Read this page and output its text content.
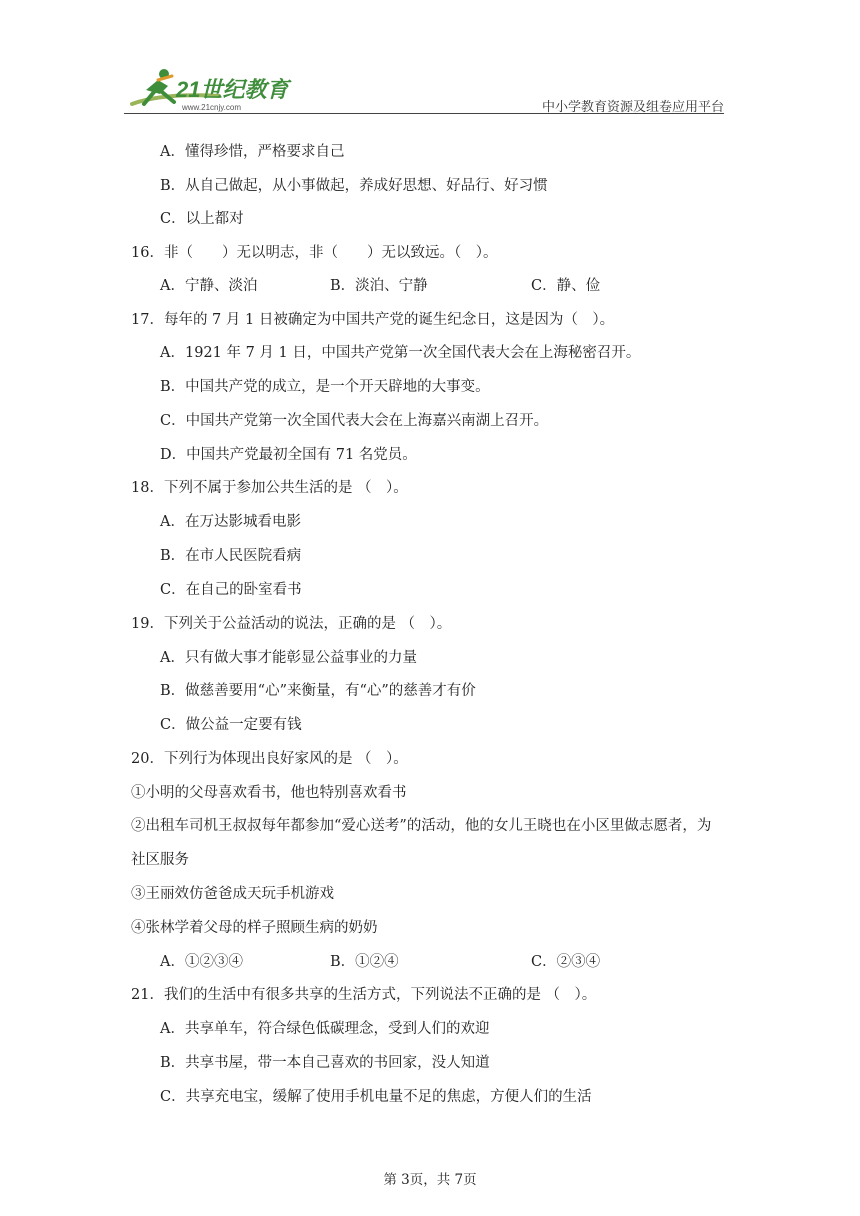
21世纪教育
www.21cnjy.com	中小学教育资源及组卷应用平台
A．懂得珍惜，严格要求自己
B．从自己做起，从小事做起，养成好思想、好品行、好习惯
C．以上都对
16．非（　　）无以明志，非（　　）无以致远。（　）。
17．每年的 7 月 1 日被确定为中国共产党的诞生纪念日，这是因为（　）。
A．1921 年 7 月 1 日，中国共产党第一次全国代表大会在上海秘密召开。
B．中国共产党的成立，是一个开天辟地的大事变。
C．中国共产党第一次全国代表大会在上海嘉兴南湖上召开。
D．中国共产党最初全国有 71 名党员。
18．下列不属于参加公共生活的是 （　）。
A．在万达影城看电影
B．在市人民医院看病
C．在自己的卧室看书
19．下列关于公益活动的说法，正确的是 （　）。
A．只有做大事才能彰显公益事业的力量
B．做慈善要用“心”来衡量，有“心”的慈善才有价
C．做公益一定要有钱
20．下列行为体现出良好家风的是 （　）。
①小明的父母喜欢看书，他也特别喜欢看书
②出租车司机王叔叔每年都参加“爱心送考”的活动，他的女儿王晓也在小区里做志愿者，为
社区服务
③王丽效仿爸爸成天玩手机游戏
④张林学着父母的样子照顾生病的奶奶
21．我们的生活中有很多共享的生活方式，下列说法不正确的是 （　）。
A．共享单车，符合绿色低碳理念，受到人们的欢迎
B．共享书屋，带一本自己喜欢的书回家，没人知道
C．共享充电宝，缓解了使用手机电量不足的焦虑，方便人们的生活
A．宁静、淡泊	B．淡泊、宁静	C．静、俭
A．①②③④	B．①②④	C．②③④
第 3页，共 7页
